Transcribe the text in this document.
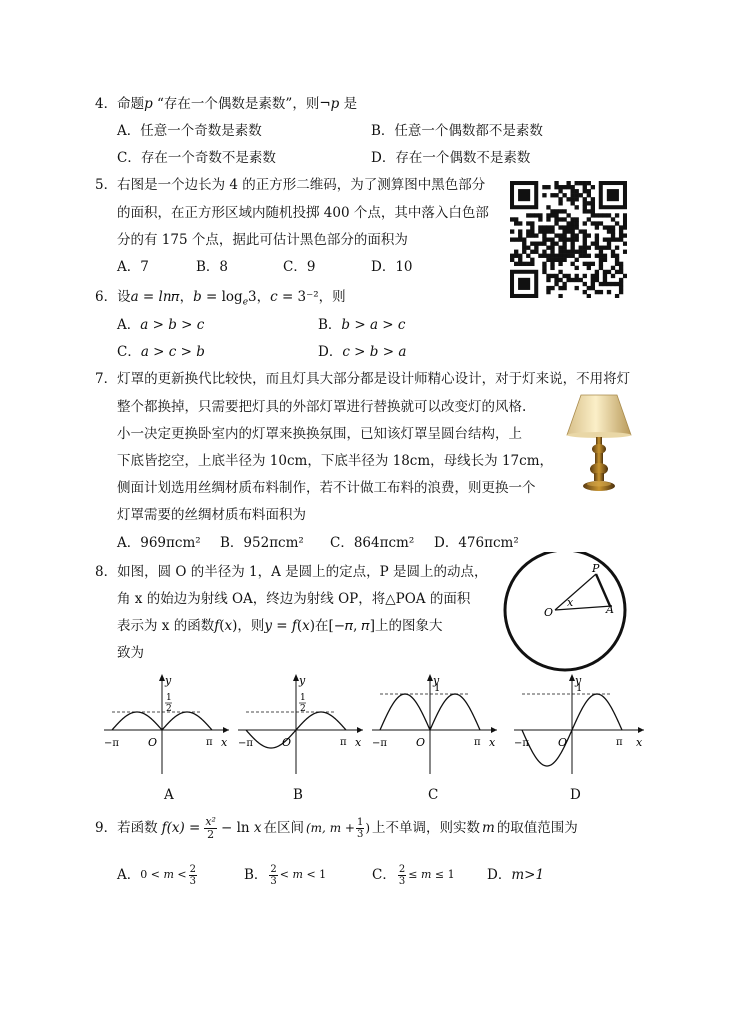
4．命题𝑝 “存在一个偶数是素数”，则¬𝑝 是
A．任意一个奇数是素数	B．任意一个偶数都不是素数
C．存在一个奇数不是素数	D．存在一个偶数不是素数
5．右图是一个边长为 4 的正方形二维码，为了测算图中黑色部分
的面积，在正方形区域内随机投掷 400 个点，其中落入白色部
分的有 175 个点，据此可估计黑色部分的面积为
A．7	B．8	C．9	D．10
6．设𝑎 = 𝑙𝑛𝜋，𝑏 = $\log_𝑒3$，𝑐 = 3⁻²，则
A．𝑎 > 𝑏 > 𝑐	B．𝑏 > 𝑎 > 𝑐
C．𝑎 > 𝑐 > 𝑏	D．𝑐 > 𝑏 > 𝑎
7．灯罩的更新换代比较快，而且灯具大部分都是设计师精心设计，对于灯来说，不用将灯
整个都换掉，只需要把灯具的外部灯罩进行替换就可以改变灯的风格.
小一决定更换卧室内的灯罩来换换氛围，已知该灯罩呈圆台结构，上
下底皆挖空，上底半径为 10cm，下底半径为 18cm，母线长为 17cm，
侧面计划选用丝绸材质布料制作，若不计做工布料的浪费，则更换一个
灯罩需要的丝绸材质布料面积为
A．969πcm² B．952πcm² C．864πcm² D．476πcm²
8．如图，圆 O 的半径为 1，A 是圆上的定点，P 是圆上的动点，
角 x 的始边为射线 OA，终边为射线 OP，将△POA 的面积
表示为 x 的函数𝑓(𝑥)，则𝑦 = 𝑓(𝑥)在[−𝜋, 𝜋]上的图象大
致为
P
O
x
A
−π	π
O	x
y
1
2
−π	π
O	x
y
1
2
−π	π
O	x
y
1
−π	π
O	x
y
1
A	B	C	D
9．若函数 $f(x) = \frac{\text{x²}}{2} - \ln x$ 在区间 (m, $m + \frac{1}{3}$ ) 上不单调，则实数 m 的取值范围为
A． 0 < m < 2
3	B． 2
3 < m < 1	C． $\frac{2}{3} \le m \le 1$ D．m>1
